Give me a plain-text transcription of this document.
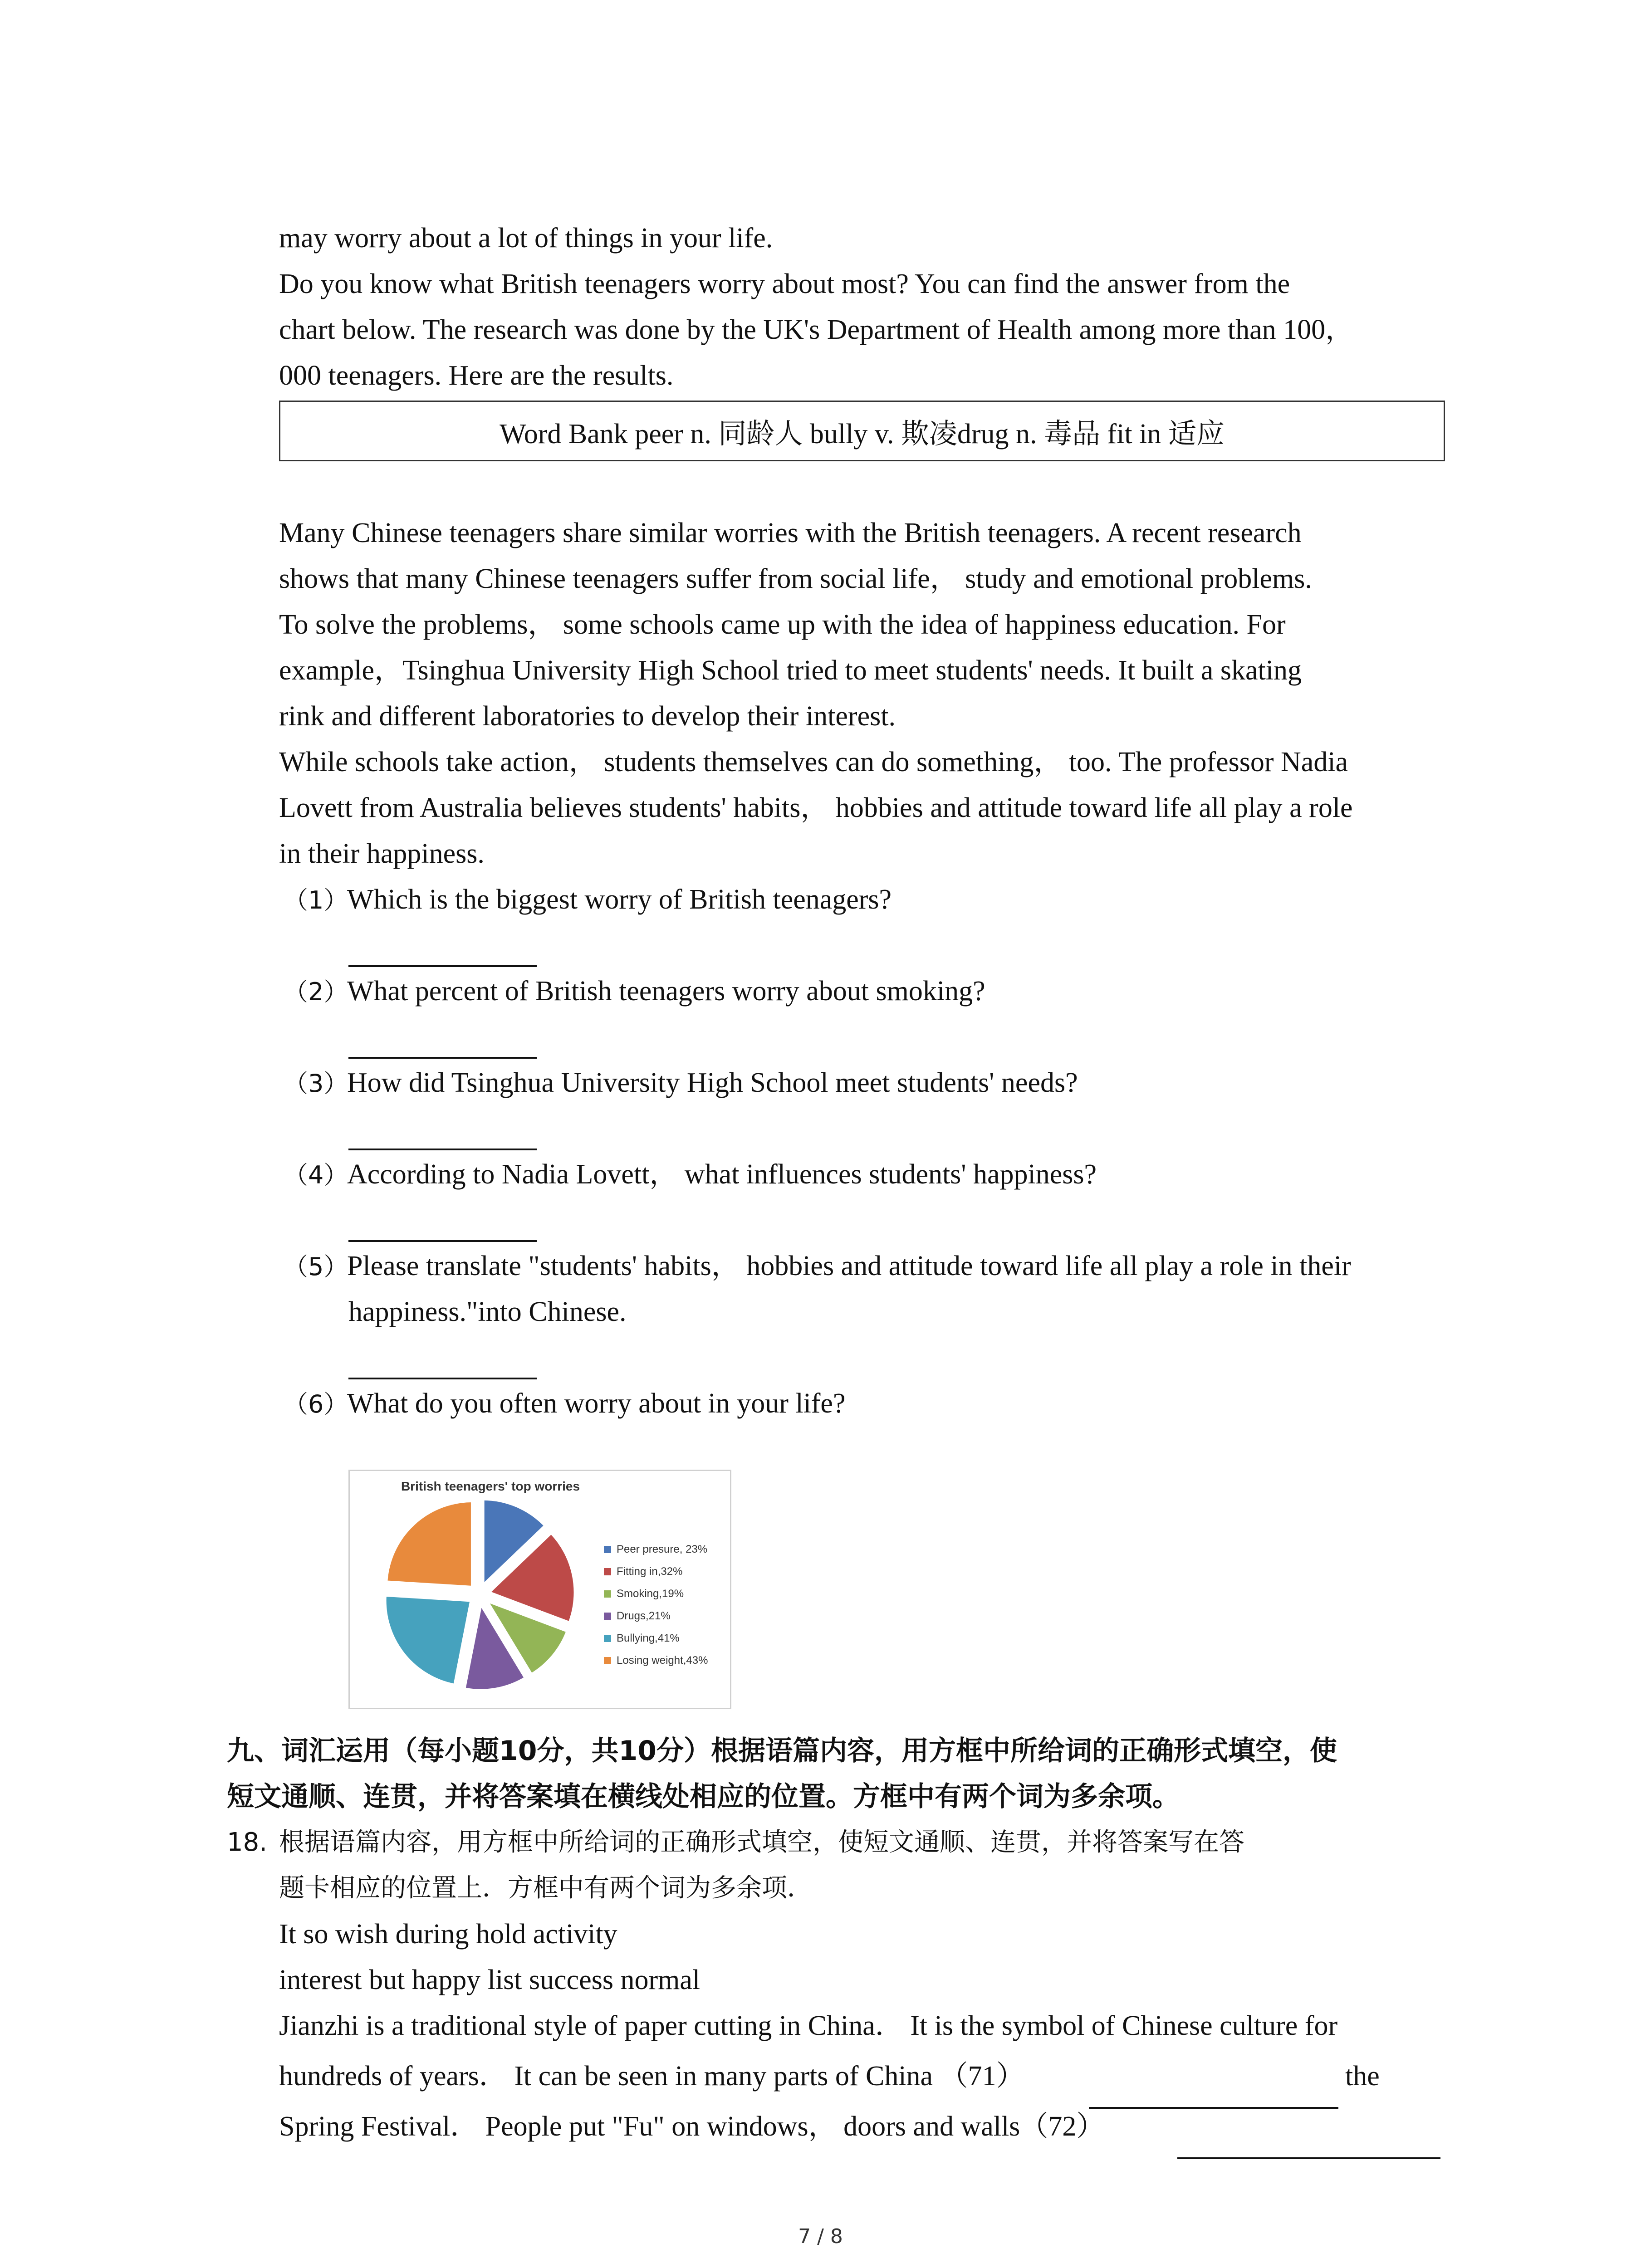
may worry about a lot of things in your life.
Do you know what British teenagers worry about most? You can find the answer from the
chart below. The research was done by the UK's Department of Health among more than 100，
000 teenagers. Here are the results.
Word Bank peer n. 同龄人 bully v. 欺凌drug n. 毒品 fit in 适应
Many Chinese teenagers share similar worries with the British teenagers. A recent research
shows that many Chinese teenagers suffer from social life， study and emotional problems.
To solve the problems， some schools came up with the idea of happiness education. For
example，Tsinghua University High School tried to meet students' needs. It built a skating
rink and different laboratories to develop their interest.
While schools take action， students themselves can do something， too. The professor Nadia
Lovett from Australia believes students' habits， hobbies and attitude toward life all play a role
in their happiness.
（1）Which is the biggest worry of British teenagers?
（2）What percent of British teenagers worry about smoking?
（3）How did Tsinghua University High School meet students' needs?
（4）According to Nadia Lovett， what influences students' happiness?
（5）Please translate "students' habits， hobbies and attitude toward life all play a role in their
happiness."into Chinese.
（6）What do you often worry about in your life?
British teenagers' top worries
Peer presure, 23%
Fitting in,32%
Smoking,19%
Drugs,21%
Bullying,41%
Losing weight,43%
九、词汇运用（每小题10分，共10分）根据语篇内容，用方框中所给词的正确形式填空，使
短文通顺、连贯，并将答案填在横线处相应的位置。方框中有两个词为多余项。
18. 根据语篇内容，用方框中所给词的正确形式填空，使短文通顺、连贯，并将答案写在答
题卡相应的位置上．方框中有两个词为多余项．
It so wish during hold activity
interest but happy list success normal
Jianzhi is a traditional style of paper cutting in China． It is the symbol of Chinese culture for
hundreds of years． It can be seen in many parts of China （71）	the
Spring Festival． People put "Fu" on windows， doors and walls（72）
7 / 8
